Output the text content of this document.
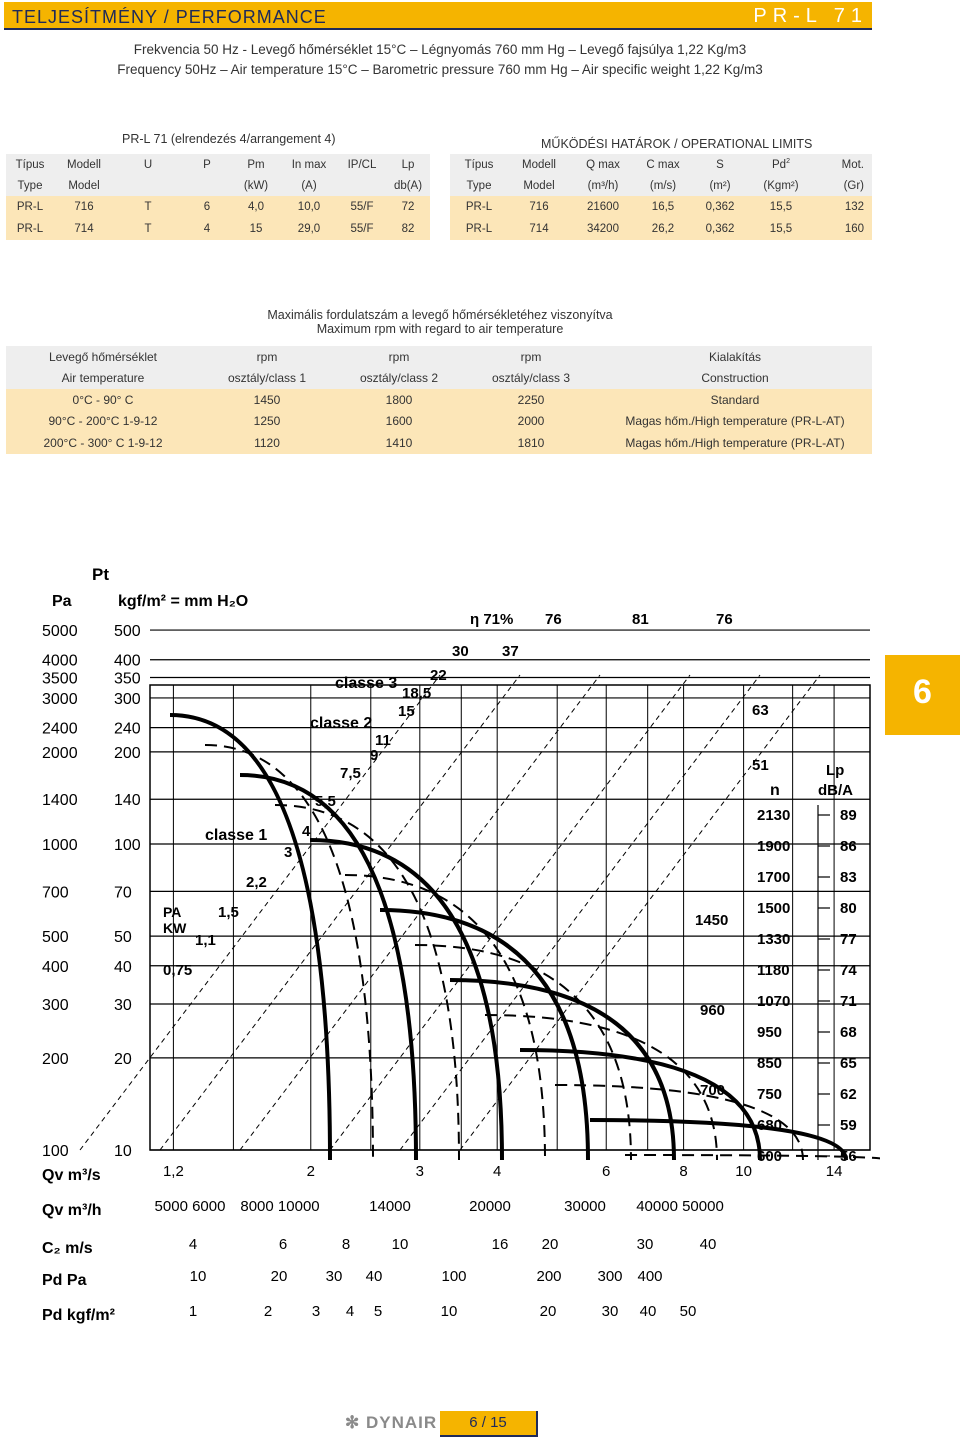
TELJESÍTMÉNY / PERFORMANCE	PR-L 71
Frekvencia 50 Hz - Levegő hőmérséklet 15°C – Légnyomás 760 mm Hg – Levegő fajsúlya 1,22 Kg/m3
Frequency 50Hz – Air temperature 15°C – Barometric pressure 760 mm Hg – Air specific weight 1,22 Kg/m3
PR-L 71 (elrendezés 4/arrangement 4)
Típus	Modell	U	P	Pm	In max	IP/CL	Lp
Type	Model			(kW)	(A)		db(A)
PR-L	716	T	6	4,0	10,0	55/F	72
PR-L	714	T	4	15	29,0	55/F	82
MŰKÖDÉSI HATÁROK / OPERATIONAL LIMITS
Típus	Modell	Q max	C max	S	Pd$^2$	Mot.
Type	Model	(m³/h)	(m/s)	(m²)	(Kgm²)	(Gr)
PR-L	716	21600	16,5	0,362	15,5	132
PR-L	714	34200	26,2	0,362	15,5	160
Maximális fordulatszám a levegő hőmérsékletéhez viszonyítva
Maximum rpm with regard to air temperature
Levegő hőmérséklet	rpm	rpm	rpm	Kialakítás
Air temperature	osztály/class 1	osztály/class 2	osztály/class 3	Construction
0°C - 90° C	1450	1800	2250	Standard
90°C - 200°C 1-9-12	1250	1600	2000	Magas hőm./High temperature (PR-L-AT)
200°C - 300° C 1-9-12	1120	1410	1810	Magas hőm./High temperature (PR-L-AT)
Pt
Pa	kgf/m² = mm H₂O
5000
4000
3500
3000
2400
2000
1400
1000
700
500
400
300
200
100
500
400
350
300
240
200
140
100
70
50
40
30
20
10
η 71% 76	81	76
classe 3
classe 2
classe 1
37
30
22
18,5
15
11
9
7,5
5,5
4
3
2,2
1,5
1,1
0,75
PA
KW
63
51
n
Lp
dB/A
2130	89
1900	86
1700	83
1500	80
1330	77
1180	74
1070	71
950	68
850	65
750	62
680	59
600	56
1450
960
700
Qv m³/s	1,2	2	3	4	6	8	10	14
Qv m³/h	5000 6000 8000 10000	14000	20000	30000 40000 50000
C₂ m/s	4	6	8	10	16 20	30	40
Pd Pa	10	20	30 40	100	200 300 400
Pd kgf/m²	1	2	3 4 5	10	20	30 40 50
6
✻ DYNAIR	6 / 15
